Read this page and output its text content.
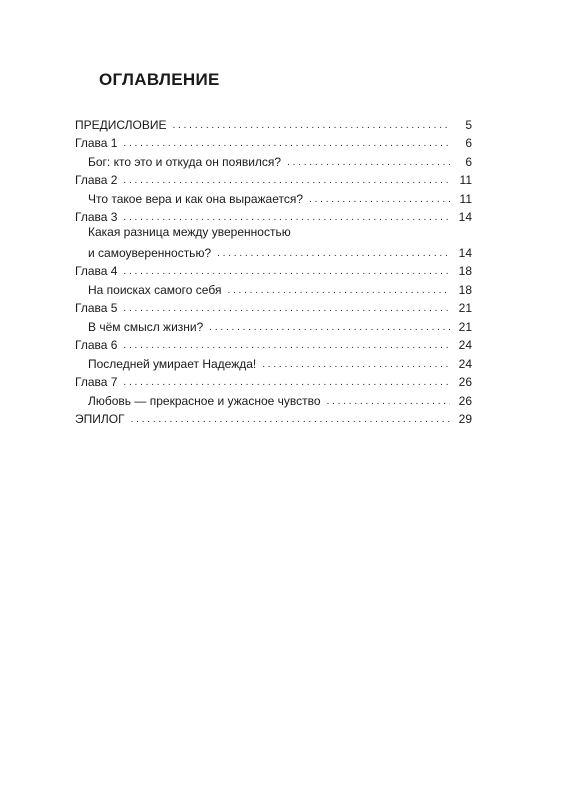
ОГЛАВЛЕНИЕ
ПРЕДИСЛОВИЕ . . .	5
Глава 1 . . .	6
Бог: кто это и откуда он появился? . . .	6
Глава 2 . . .	11
Что такое вера и как она выражается? . . .	11
Глава 3 . . .	14
Какая разница между уверенностью
и самоуверенностью? . . .	14
Глава 4 . . .	18
На поисках самого себя . . .	18
Глава 5 . . .	21
В чём смысл жизни? . . .	21
Глава 6 . . .	24
Последней умирает Надежда! . . .	24
Глава 7 . . .	26
Любовь — прекрасное и ужасное чувство . . .	26
ЭПИЛОГ . . .	29
